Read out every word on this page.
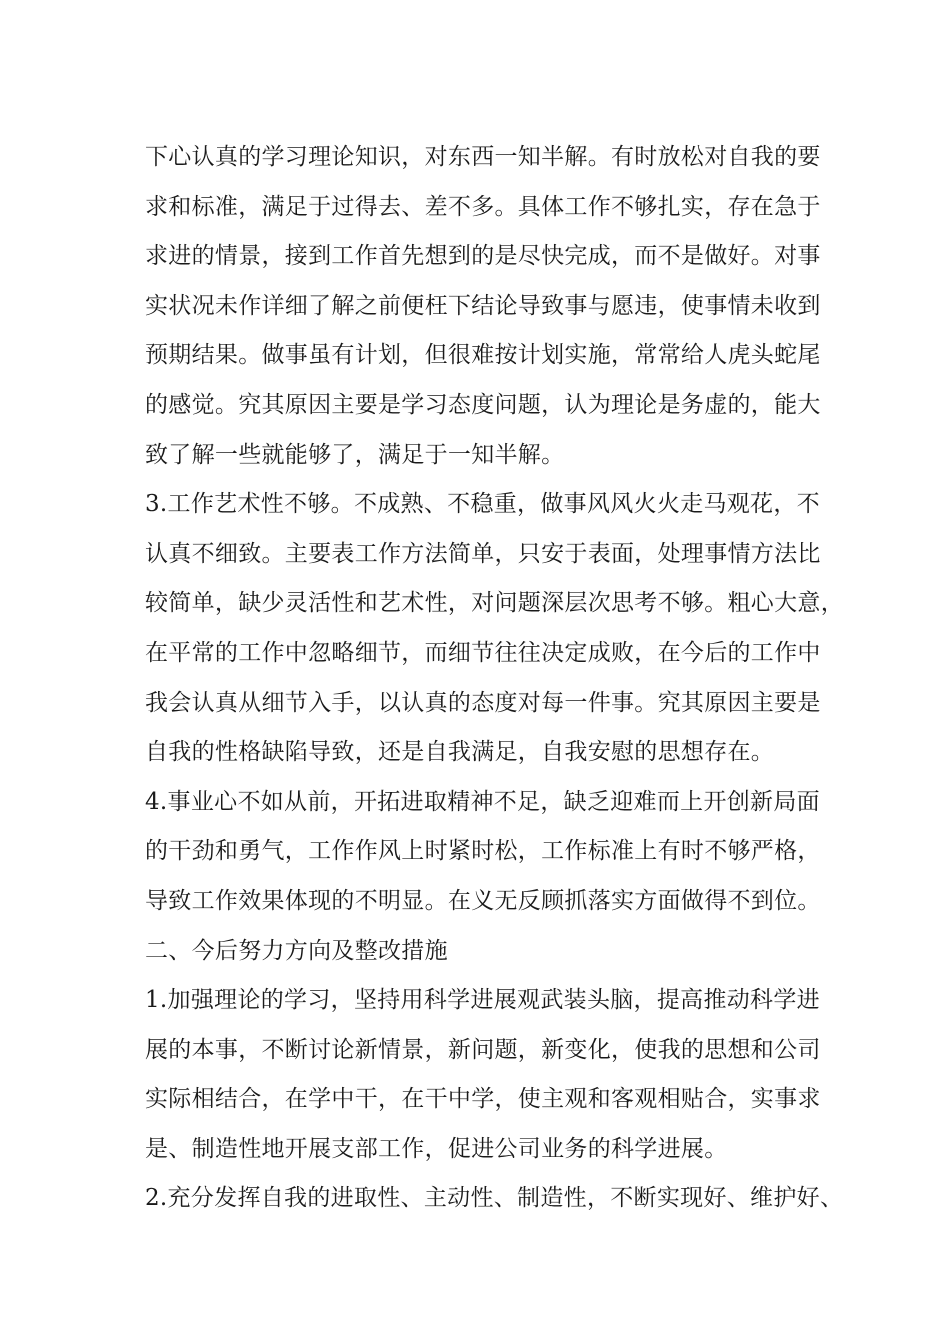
下心认真的学习理论知识，对东西一知半解。有时放松对自我的要
求和标准，满足于过得去、差不多。具体工作不够扎实，存在急于
求进的情景，接到工作首先想到的是尽快完成，而不是做好。对事
实状况未作详细了解之前便枉下结论导致事与愿违，使事情未收到
预期结果。做事虽有计划，但很难按计划实施，常常给人虎头蛇尾
的感觉。究其原因主要是学习态度问题，认为理论是务虚的，能大
致了解一些就能够了，满足于一知半解。
3.工作艺术性不够。不成熟、不稳重，做事风风火火走马观花，不
认真不细致。主要表工作方法简单，只安于表面，处理事情方法比
较简单，缺少灵活性和艺术性，对问题深层次思考不够。粗心大意，
在平常的工作中忽略细节，而细节往往决定成败，在今后的工作中
我会认真从细节入手，以认真的态度对每一件事。究其原因主要是
自我的性格缺陷导致，还是自我满足，自我安慰的思想存在。
4.事业心不如从前，开拓进取精神不足，缺乏迎难而上开创新局面
的干劲和勇气，工作作风上时紧时松，工作标准上有时不够严格，
导致工作效果体现的不明显。在义无反顾抓落实方面做得不到位。
二、今后努力方向及整改措施
1.加强理论的学习，坚持用科学进展观武装头脑，提高推动科学进
展的本事，不断讨论新情景，新问题，新变化，使我的思想和公司
实际相结合，在学中干，在干中学，使主观和客观相贴合，实事求
是、制造性地开展支部工作，促进公司业务的科学进展。
2.充分发挥自我的进取性、主动性、制造性，不断实现好、维护好、
